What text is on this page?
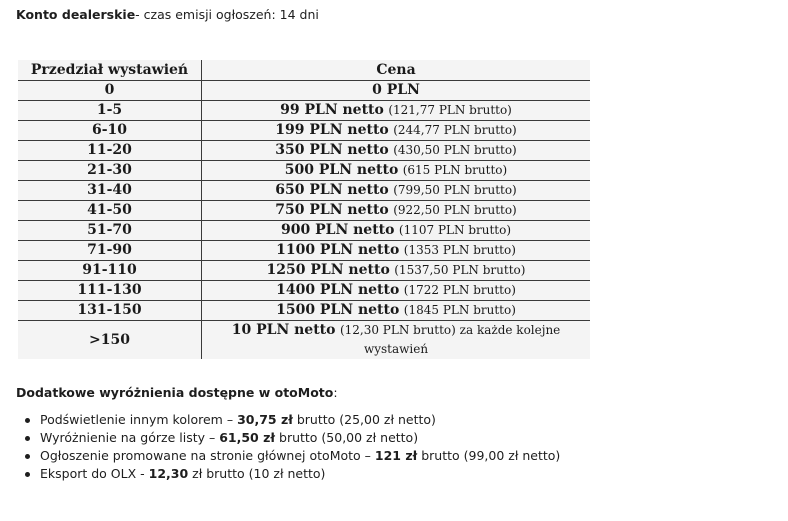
Konto dealerskie- czas emisji ogłoszeń: 14 dni
Przedział wystawień	Cena
0	0 PLN
1-5	99 PLN netto (121,77 PLN brutto)
6-10	199 PLN netto (244,77 PLN brutto)
11-20	350 PLN netto (430,50 PLN brutto)
21-30	500 PLN netto (615 PLN brutto)
31-40	650 PLN netto (799,50 PLN brutto)
41-50	750 PLN netto (922,50 PLN brutto)
51-70	900 PLN netto (1107 PLN brutto)
71-90	1100 PLN netto (1353 PLN brutto)
91-110	1250 PLN netto (1537,50 PLN brutto)
111-130	1400 PLN netto (1722 PLN brutto)
131-150	1500 PLN netto (1845 PLN brutto)
>150	10 PLN netto (12,30 PLN brutto) za każde kolejne wystawień
Dodatkowe wyróżnienia dostępne w otoMoto:
Podświetlenie innym kolorem – 30,75 zł brutto (25,00 zł netto)
Wyróżnienie na górze listy – 61,50 zł brutto (50,00 zł netto)
Ogłoszenie promowane na stronie głównej otoMoto – 121 zł brutto (99,00 zł netto)
Eksport do OLX - 12,30 zł brutto (10 zł netto)
